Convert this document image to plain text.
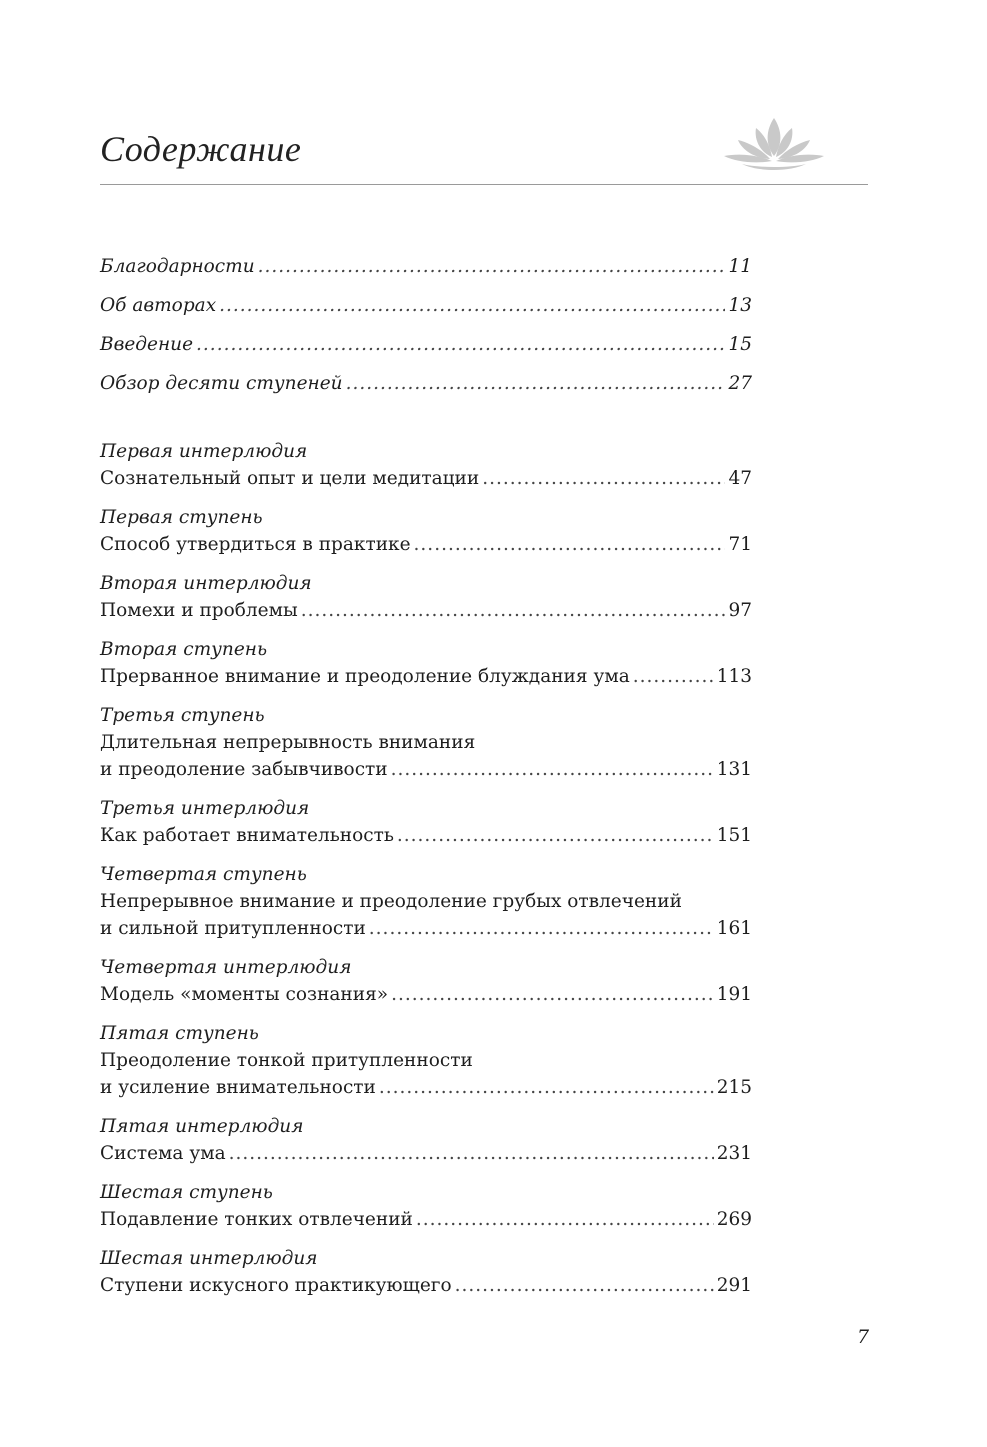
Содержание
Благодарности .....	11
Об авторах .....	13
Введение .....	15
Обзор десяти ступеней .....	27
Первая интерлюдия
Сознательный опыт и цели медитации .....	47
Первая ступень
Способ утвердиться в практике .....	71
Вторая интерлюдия
Помехи и проблемы .....	97
Вторая ступень
Прерванное внимание и преодоление блуждания ума .....	113
Третья ступень
Длительная непрерывность внимания
и преодоление забывчивости .....	131
Третья интерлюдия
Как работает внимательность .....	151
Четвертая ступень
Непрерывное внимание и преодоление грубых отвлечений
и сильной притупленности .....	161
Четвертая интерлюдия
Модель «моменты сознания» .....	191
Пятая ступень
Преодоление тонкой притупленности
и усиление внимательности .....	215
Пятая интерлюдия
Система ума .....	231
Шестая ступень
Подавление тонких отвлечений .....	269
Шестая интерлюдия
Ступени искусного практикующего .....	291
7
